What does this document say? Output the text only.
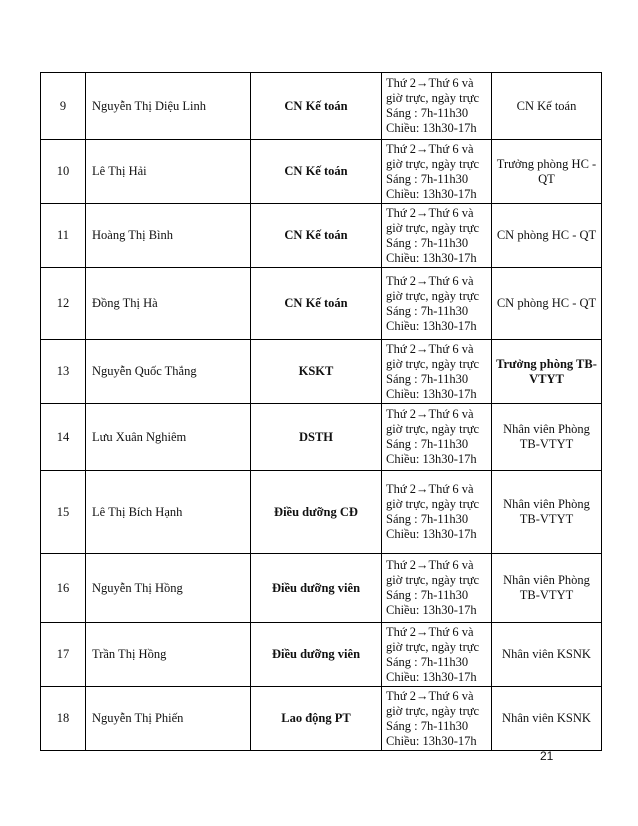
9	Nguyễn Thị Diệu Linh	CN Kế toán	Thứ 2→Thứ 6 và
giờ trực, ngày trực
Sáng : 7h-11h30
Chiều: 13h30-17h	CN Kế toán
10	Lê Thị Hải	CN Kế toán	Thứ 2→Thứ 6 và
giờ trực, ngày trực
Sáng : 7h-11h30
Chiều: 13h30-17h	Trưởng phòng HC - QT
11	Hoàng Thị Bình	CN Kế toán	Thứ 2→Thứ 6 và
giờ trực, ngày trực
Sáng : 7h-11h30
Chiều: 13h30-17h	CN phòng HC - QT
12	Đồng Thị Hà	CN Kế toán	Thứ 2→Thứ 6 và
giờ trực, ngày trực
Sáng : 7h-11h30
Chiều: 13h30-17h	CN phòng HC - QT
13	Nguyễn Quốc Thắng	KSKT	Thứ 2→Thứ 6 và
giờ trực, ngày trực
Sáng : 7h-11h30
Chiều: 13h30-17h	Trưởng phòng TB-VTYT
14	Lưu Xuân Nghiêm	DSTH	Thứ 2→Thứ 6 và
giờ trực, ngày trực
Sáng : 7h-11h30
Chiều: 13h30-17h	Nhân viên Phòng TB-VTYT
15	Lê Thị Bích Hạnh	Điều dưỡng CĐ	Thứ 2→Thứ 6 và
giờ trực, ngày trực
Sáng : 7h-11h30
Chiều: 13h30-17h	Nhân viên Phòng TB-VTYT
16	Nguyễn Thị Hồng	Điều dưỡng viên	Thứ 2→Thứ 6 và
giờ trực, ngày trực
Sáng : 7h-11h30
Chiều: 13h30-17h	Nhân viên Phòng TB-VTYT
17	Trần Thị Hồng	Điều dưỡng viên	Thứ 2→Thứ 6 và
giờ trực, ngày trực
Sáng : 7h-11h30
Chiều: 13h30-17h	Nhân viên KSNK
18	Nguyễn Thị Phiến	Lao động PT	Thứ 2→Thứ 6 và
giờ trực, ngày trực
Sáng : 7h-11h30
Chiều: 13h30-17h	Nhân viên KSNK
21
